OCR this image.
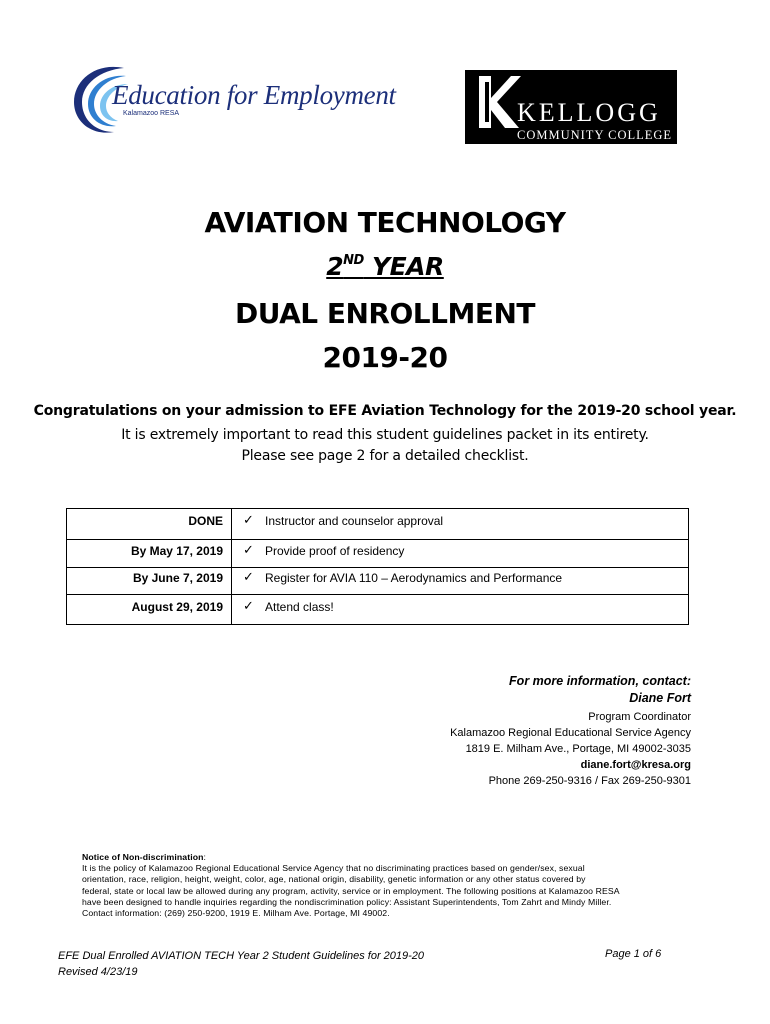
Education for Employment
Kalamazoo RESA	KELLOGG
COMMUNITY COLLEGE
AVIATION TECHNOLOGY
2ND YEAR
DUAL ENROLLMENT
2019-20
Congratulations on your admission to EFE Aviation Technology for the 2019-20 school year.
It is extremely important to read this student guidelines packet in its entirety.
Please see page 2 for a detailed checklist.
DONE ✓ Instructor and counselor approval
By May 17, 2019 ✓ Provide proof of residency
By June 7, 2019 ✓ Register for AVIA 110 – Aerodynamics and Performance
August 29, 2019 ✓ Attend class!
For more information, contact:
Diane Fort
Program Coordinator
Kalamazoo Regional Educational Service Agency
1819 E. Milham Ave., Portage, MI 49002-3035
diane.fort@kresa.org
Phone 269-250-9316 / Fax 269-250-9301
Notice of Non-discrimination:
It is the policy of Kalamazoo Regional Educational Service Agency that no discriminating practices based on gender/sex, sexual
orientation, race, religion, height, weight, color, age, national origin, disability, genetic information or any other status covered by
federal, state or local law be allowed during any program, activity, service or in employment. The following positions at Kalamazoo RESA
have been designed to handle inquiries regarding the nondiscrimination policy: Assistant Superintendents, Tom Zahrt and Mindy Miller.
Contact information: (269) 250-9200, 1919 E. Milham Ave. Portage, MI 49002.
EFE Dual Enrolled AVIATION TECH Year 2 Student Guidelines for 2019-20
Revised 4/23/19
Page 1 of 6
